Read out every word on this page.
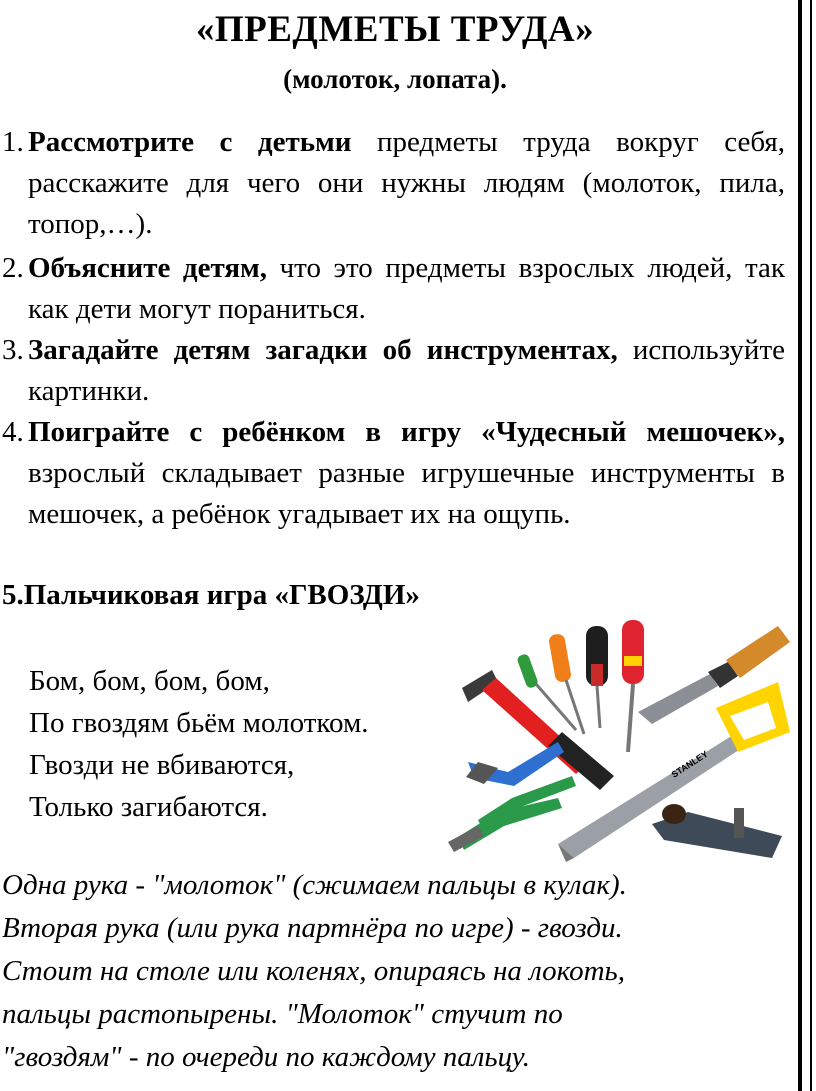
«ПРЕДМЕТЫ ТРУДА»
(молоток, лопата).
1. Рассмотрите с детьми предметы труда вокруг себя, расскажите для чего они нужны людям (молоток, пила, топор,…).
2. Объясните детям, что это предметы взрослых людей, так как дети могут пораниться.
3. Загадайте детям загадки об инструментах, используйте картинки.
4. Поиграйте с ребёнком в игру «Чудесный мешочек», взрослый складывает разные игрушечные инструменты в мешочек, а ребёнок угадывает их на ощупь.
5.Пальчиковая игра «ГВОЗДИ»
Бом, бом, бом, бом,
По гвоздям бьём молотком.
Гвозди не вбиваются,
Только загибаются.
STANLEY
Одна рука - "молоток" (сжимаем пальцы в кулак).
Вторая рука (или рука партнёра по игре) - гвозди.
Стоит на столе или коленях, опираясь на локоть,
пальцы растопырены. "Молоток" стучит по
"гвоздям" - по очереди по каждому пальцу.
